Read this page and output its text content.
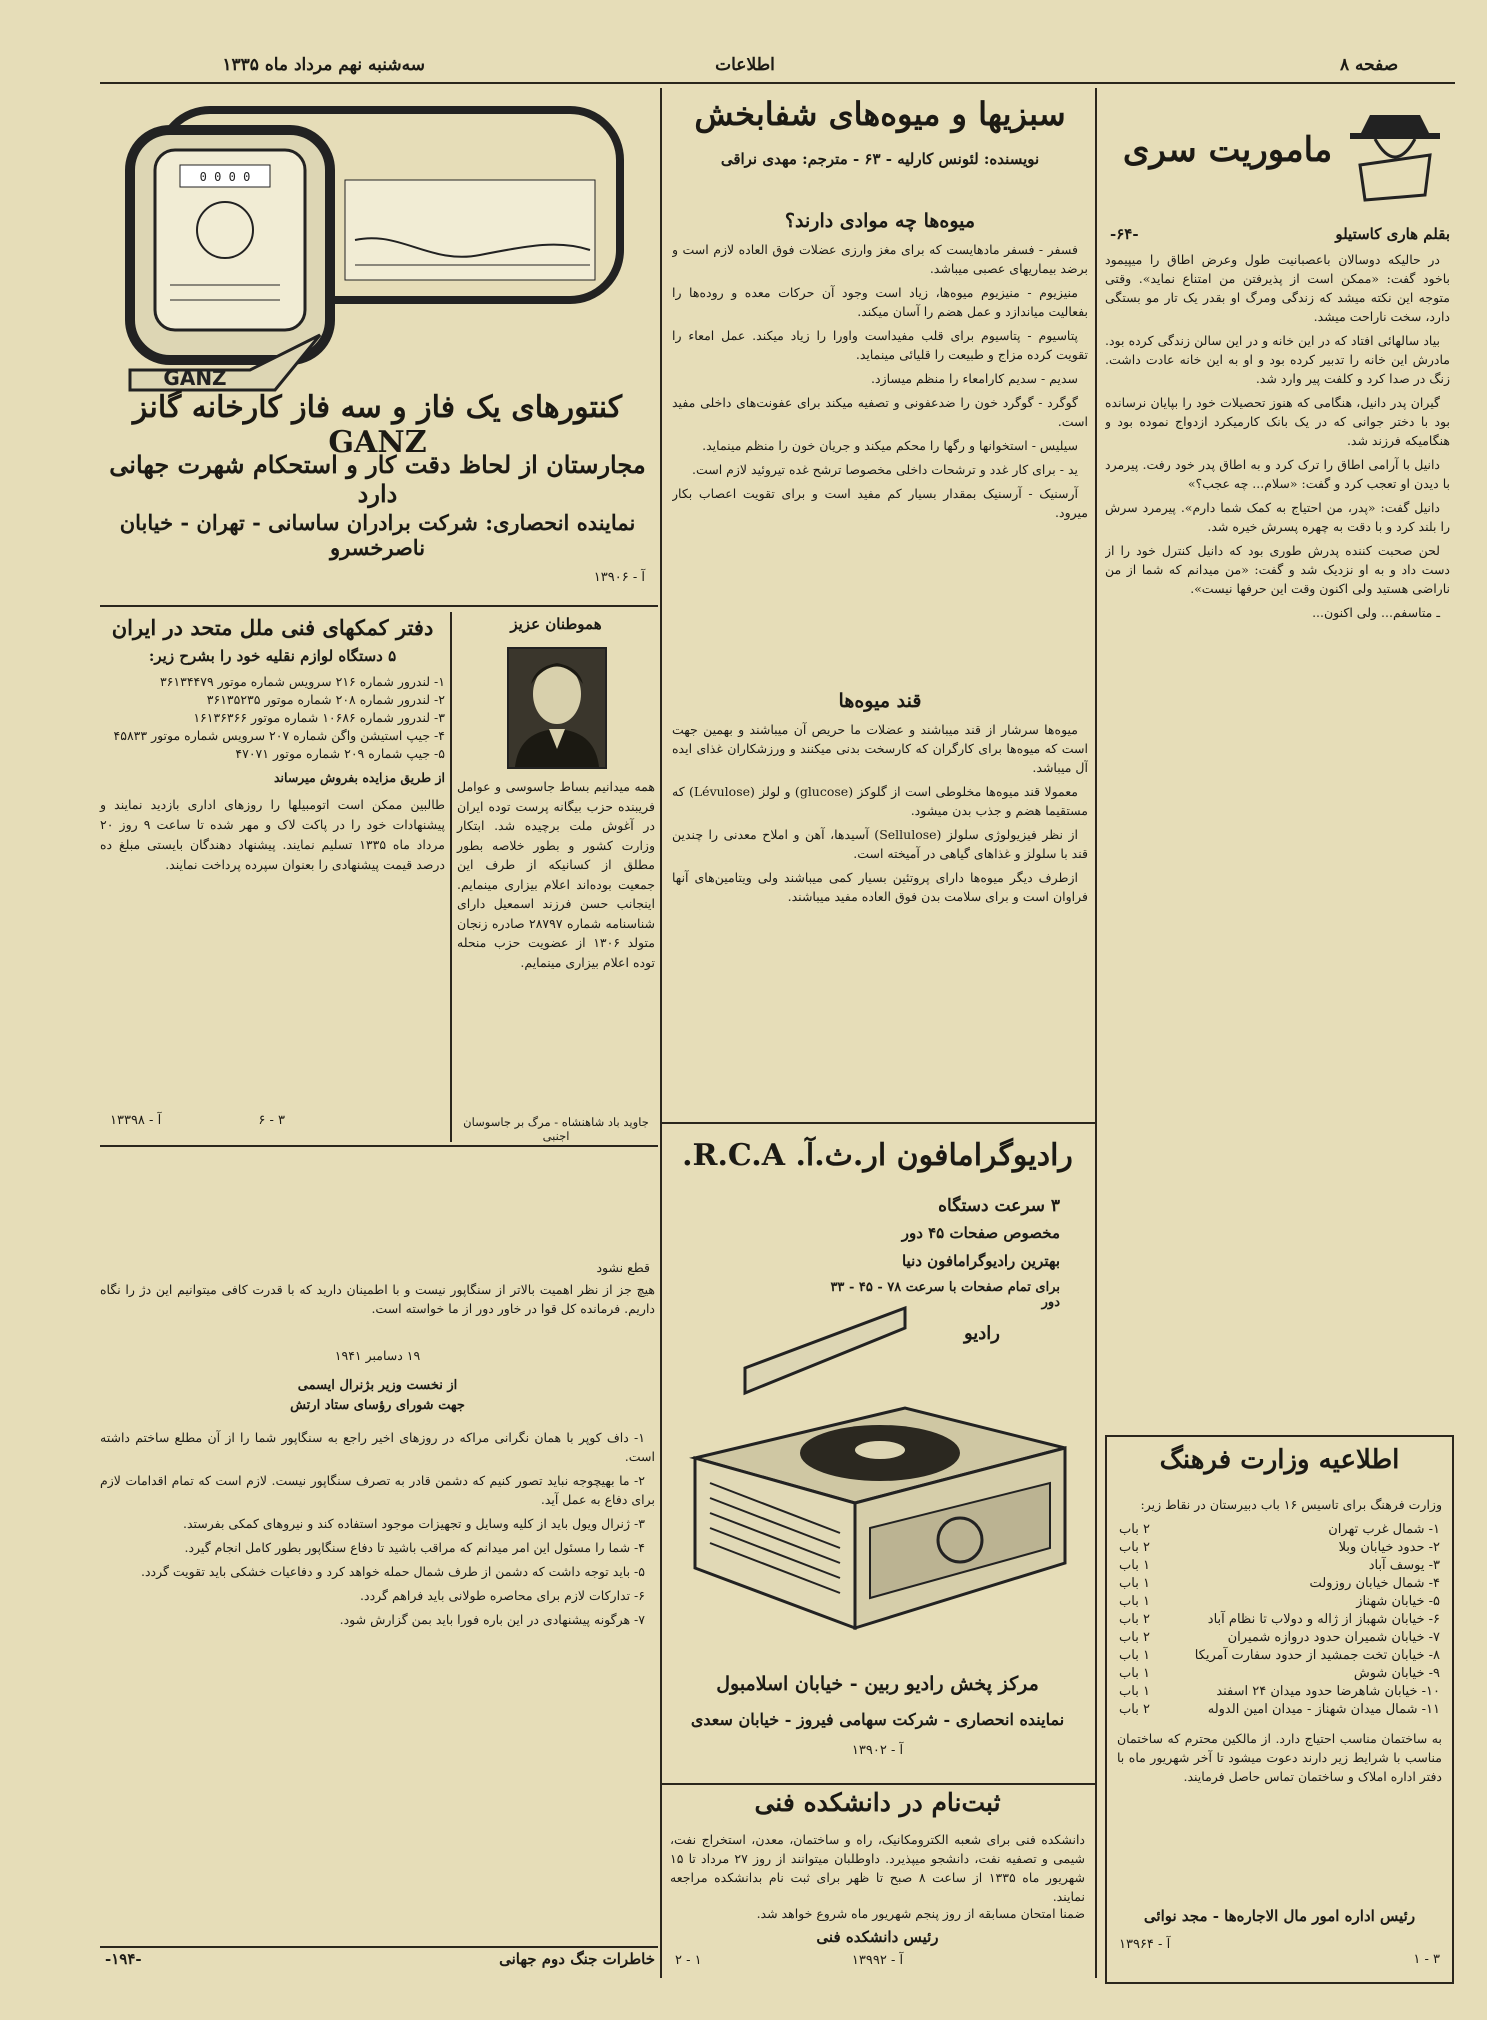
صفحه ۸
اطلاعات
سه‌شنبه نهم مرداد ماه ۱۳۳۵
0 0 0 0
GANZ
کنتورهای یک فاز و سه فاز کارخانه گانز GANZ
مجارستان از لحاظ دقت کار و استحکام شهرت جهانی دارد
نماینده انحصاری: شرکت برادران ساسانی - تهران - خیابان ناصرخسرو
آ - ۱۳۹۰۶
ماموریت سری
بقلم هاری کاستیلو
-۶۴-

در حالیکه دوسالان باعصبانیت طول وعرض اطاق را میپیمود باخود گفت: «ممکن است از پذیرفتن من امتناع نماید». وقتی متوجه این نکته میشد که زندگی ومرگ او بقدر یک تار مو بستگی دارد، سخت ناراحت میشد.

بیاد سالهائی افتاد که در این خانه و در این سالن زندگی کرده بود. مادرش این خانه را تدبیر کرده بود و او به این خانه عادت داشت. زنگ در صدا کرد و کلفت پیر وارد شد.

گیران پدر دانیل، هنگامی که هنوز تحصیلات خود را بپایان نرسانده بود با دختر جوانی که در یک بانک کارمیکرد ازدواج نموده بود و هنگامیکه فرزند شد.

دانیل با آرامی اطاق را ترک کرد و به اطاق پدر خود رفت. پیرمرد با دیدن او تعجب کرد و گفت: «سلام... چه عجب؟»

دانیل گفت: «پدر، من احتیاج به کمک شما دارم». پیرمرد سرش را بلند کرد و با دقت به چهره پسرش خیره شد.

لحن صحبت کننده پدرش طوری بود که دانیل کنترل خود را از دست داد و به او نزدیک شد و گفت: «من میدانم که شما از من ناراضی هستید ولی اکنون وقت این حرفها نیست».

ـ متاسفم... ولی اکنون...

اطلاعیه وزارت فرهنگ
وزارت فرهنگ برای تاسیس ۱۶ باب دبیرستان در نقاط زیر:
۱- شمال غرب تهران
۲ باب
۲- حدود خیابان وبلا
۲ باب
۳- یوسف آباد
۱ باب
۴- شمال خیابان روزولت
۱ باب
۵- خیابان شهناز
۱ باب
۶- خیابان شهباز از ژاله و دولاب تا نظام آباد
۲ باب
۷- خیابان شمیران حدود دروازه شمیران
۲ باب
۸- خیابان تخت جمشید از حدود سفارت آمریکا
۱ باب
۹- خیابان شوش
۱ باب
۱۰- خیابان شاهرضا حدود میدان ۲۴ اسفند
۱ باب
۱۱- شمال میدان شهناز - میدان امین الدوله
۲ باب
به ساختمان مناسب احتیاج دارد. از مالکین محترم که ساختمان مناسب با شرایط زیر دارند دعوت میشود تا آخر شهریور ماه با دفتر اداره املاک و ساختمان تماس حاصل فرمایند.
رئیس اداره امور مال الاجاره‌ها - مجد نوائی
آ - ۱۳۹۶۴
۳ - ۱
سبزیها و میوه‌های شفابخش
نویسنده: لئونس کارلیه - ۶۳ - مترجم: مهدی نراقی
میوه‌ها چه موادی دارند؟

فسفر - فسفر مادهایست که برای مغز وارزی عضلات فوق العاده لازم است و برضد بیماریهای عصبی میباشد.

منیزیوم - منیزیوم میوه‌ها، زیاد است وجود آن حرکات معده و روده‌ها را بفعالیت میاندازد و عمل هضم را آسان میکند.

پتاسیوم - پتاسیوم برای قلب مفیداست واورا را زیاد میکند. عمل امعاء را تقویت کرده مزاج و طبیعت را قلیائی مینماید.

سدیم - سدیم کارامعاء را منظم میسازد.

گوگرد - گوگرد خون را ضدعفونی و تصفیه میکند برای عفونت‌های داخلی مفید است.

سیلیس - استخوانها و رگها را محکم میکند و جریان خون را منظم مینماید.

ید - برای کار غدد و ترشحات داخلی مخصوصا ترشح غده تیروئید لازم است.

آرسنیک - آرسنیک بمقدار بسیار کم مفید است و برای تقویت اعصاب بکار میرود.

قند میوه‌ها

میوه‌ها سرشار از قند میباشند و عضلات ما حریص آن میباشند و بهمین جهت است که میوه‌ها برای کارگران که کارسخت بدنی میکنند و ورزشکاران غذای ایده آل میباشد.

معمولا قند میوه‌ها مخلوطی است از گلوکز (glucose) و لولز (Lévulose) که مستقیما هضم و جذب بدن میشود.

از نظر فیزیولوژی سلولز (Sellulose) آسیدها، آهن و املاح معدنی را چندین قند با سلولز و غذاهای گیاهی در آمیخته است.

ازطرف دیگر میوه‌ها دارای پروتئین بسیار کمی میباشند ولی ویتامین‌های آنها فراوان است و برای سلامت بدن فوق العاده مفید میباشند.

رادیوگرامافون ار.ث.آ. R.C.A.
۳ سرعت دستگاه
مخصوص صفحات ۴۵ دور
بهترین رادیوگرامافون دنیا
برای تمام صفحات با سرعت ۷۸ - ۴۵ - ۳۳ دور
رادیو
مرکز پخش رادیو ربین - خیابان اسلامبول
نماینده انحصاری - شرکت سهامی فیروز - خیابان سعدی
آ - ۱۳۹۰۲
ثبت‌نام در دانشکده فنی
دانشکده فنی برای شعبه الکترومکانیک، راه و ساختمان، معدن، استخراج نفت، شیمی و تصفیه نفت، دانشجو میپذیرد. داوطلبان میتوانند از روز ۲۷ مرداد تا ۱۵ شهریور ماه ۱۳۳۵ از ساعت ۸ صبح تا ظهر برای ثبت نام بدانشکده مراجعه نمایند.
ضمنا امتحان مسابقه از روز پنجم شهریور ماه شروع خواهد شد.
رئیس دانشکده فنی
آ - ۱۳۹۹۲
۱ - ۲
دفتر کمکهای فنی ملل متحد در ایران
۵ دستگاه لوازم نقلیه خود را بشرح زیر:
۱- لندرور شماره ۲۱۶ سرویس شماره موتور ۳۶۱۳۴۴۷۹
۲- لندرور شماره ۲۰۸ شماره موتور ۳۶۱۳۵۲۳۵
۳- لندرور شماره ۱۰۶۸۶ شماره موتور ۱۶۱۳۶۳۶۶
۴- جیپ استیشن واگن شماره ۲۰۷ سرویس شماره موتور ۴۵۸۳۳
۵- جیپ شماره ۲۰۹ شماره موتور ۴۷۰۷۱
از طریق مزایده بفروش میرساند
طالبین ممکن است اتومبیلها را روزهای اداری بازدید نمایند و پیشنهادات خود را در پاکت لاک و مهر شده تا ساعت ۹ روز ۲۰ مرداد ماه ۱۳۳۵ تسلیم نمایند. پیشنهاد دهندگان بایستی مبلغ ده درصد قیمت پیشنهادی را بعنوان سپرده پرداخت نمایند.
۳ - ۶
آ - ۱۳۳۹۸
هموطنان عزیز
همه میدانیم بساط جاسوسی و عوامل فریبنده حزب بیگانه پرست توده ایران در آغوش ملت برچیده شد. ابتکار وزارت کشور و بطور خلاصه بطور مطلق از کسانیکه از طرف این جمعیت بوده‌اند اعلام بیزاری مینمایم. اینجانب حسن فرزند اسمعیل دارای شناسنامه شماره ۲۸۷۹۷ صادره زنجان متولد ۱۳۰۶ از عضویت حزب منحله توده اعلام بیزاری مینمایم.
جاوید باد شاهنشاه - مرگ بر جاسوسان اجنبی
قطع نشود
هیچ جز از نظر اهمیت بالاتر از سنگاپور نیست و با اطمینان دارید که با قدرت کافی میتوانیم این دژ را نگاه داریم. فرمانده کل قوا در خاور دور از ما خواسته است.
۱۹ دسامبر ۱۹۴۱
از نخست وزیر بژنرال ایسمی
جهت شورای رؤسای ستاد ارتش

۱- داف کوپر با همان نگرانی مراکه در روزهای اخیر راجع به سنگاپور شما را از آن مطلع ساختم داشته است.

۲- ما بهیچوجه نباید تصور کنیم که دشمن قادر به تصرف سنگاپور نیست. لازم است که تمام اقدامات لازم برای دفاع به عمل آید.

۳- ژنرال ویول باید از کلیه وسایل و تجهیزات موجود استفاده کند و نیروهای کمکی بفرستد.

۴- شما را مسئول این امر میدانم که مراقب باشید تا دفاع سنگاپور بطور کامل انجام گیرد.

۵- باید توجه داشت که دشمن از طرف شمال حمله خواهد کرد و دفاعیات خشکی باید تقویت گردد.

۶- تدارکات لازم برای محاصره طولانی باید فراهم گردد.

۷- هرگونه پیشنهادی در این باره فورا باید بمن گزارش شود.

خاطرات جنگ دوم جهانی
-۱۹۴-
